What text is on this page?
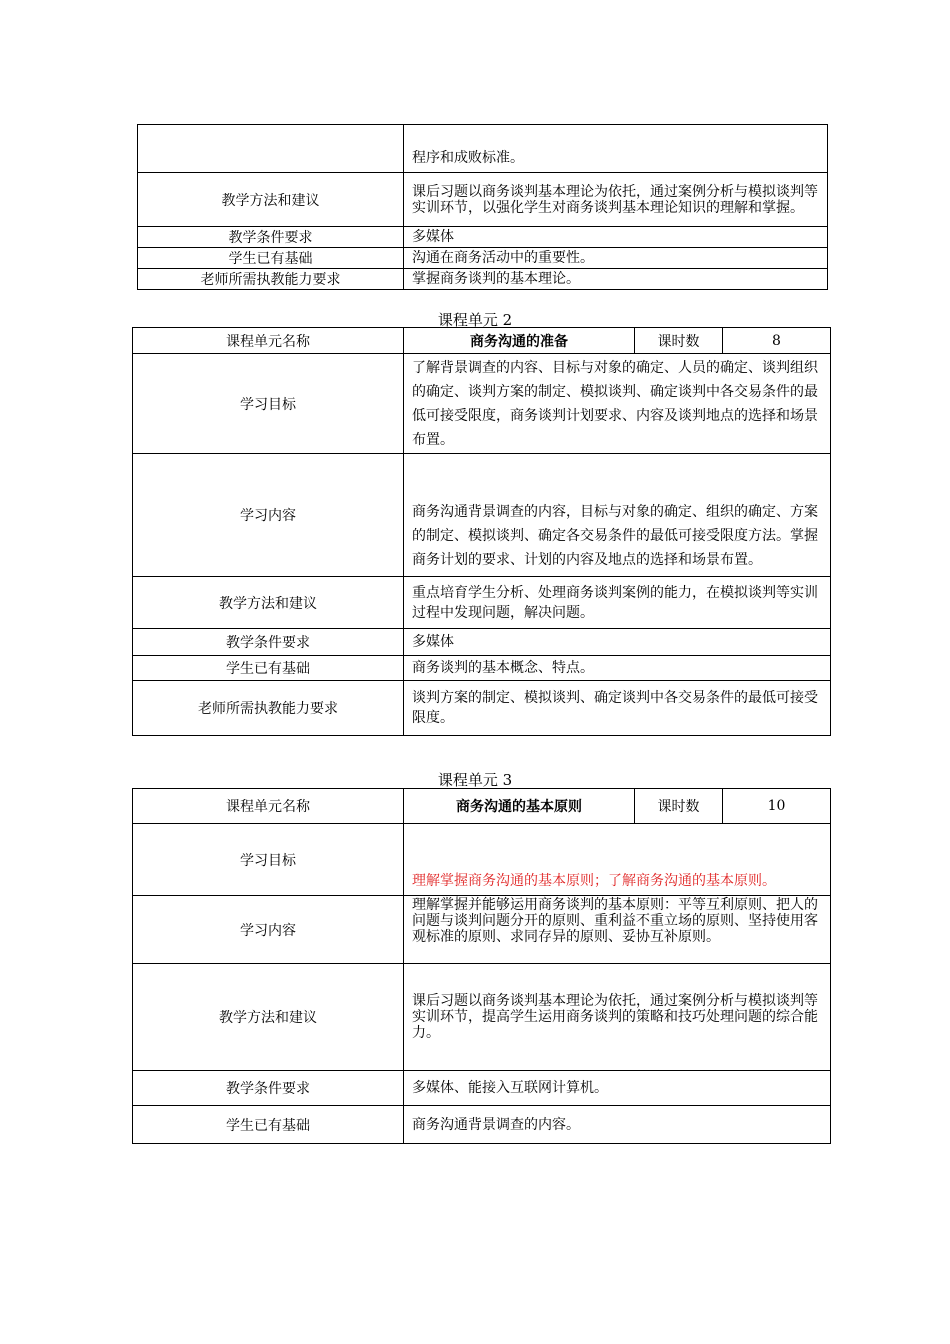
	程序和成败标准。
教学方法和建议	课后习题以商务谈判基本理论为依托，通过案例分析与模拟谈判等实训环节，以强化学生对商务谈判基本理论知识的理解和掌握。
教学条件要求	多媒体
学生已有基础	沟通在商务活动中的重要性。
老师所需执教能力要求	掌握商务谈判的基本理论。
课程单元 2
课程单元名称	商务沟通的准备	课时数	8
学习目标	了解背景调查的内容、目标与对象的确定、人员的确定、谈判组织的确定、谈判方案的制定、模拟谈判、确定谈判中各交易条件的最低可接受限度，商务谈判计划要求、内容及谈判地点的选择和场景布置。		
学习内容	商务沟通背景调查的内容，目标与对象的确定、组织的确定、方案的制定、模拟谈判、确定各交易条件的最低可接受限度方法。掌握商务计划的要求、计划的内容及地点的选择和场景布置。		
教学方法和建议	重点培育学生分析、处理商务谈判案例的能力，在模拟谈判等实训过程中发现问题，解决问题。		
教学条件要求	多媒体		
学生已有基础	商务谈判的基本概念、特点。		
老师所需执教能力要求	谈判方案的制定、模拟谈判、确定谈判中各交易条件的最低可接受限度。		
课程单元 3
课程单元名称	商务沟通的基本原则	课时数	10
学习目标	理解掌握商务沟通的基本原则；了解商务沟通的基本原则。		
学习内容	理解掌握并能够运用商务谈判的基本原则：平等互利原则、把人的问题与谈判问题分开的原则、重利益不重立场的原则、坚持使用客观标准的原则、求同存异的原则、妥协互补原则。		
教学方法和建议	课后习题以商务谈判基本理论为依托，通过案例分析与模拟谈判等实训环节，提高学生运用商务谈判的策略和技巧处理问题的综合能力。		
教学条件要求	多媒体、能接入互联网计算机。		
学生已有基础	商务沟通背景调查的内容。		
